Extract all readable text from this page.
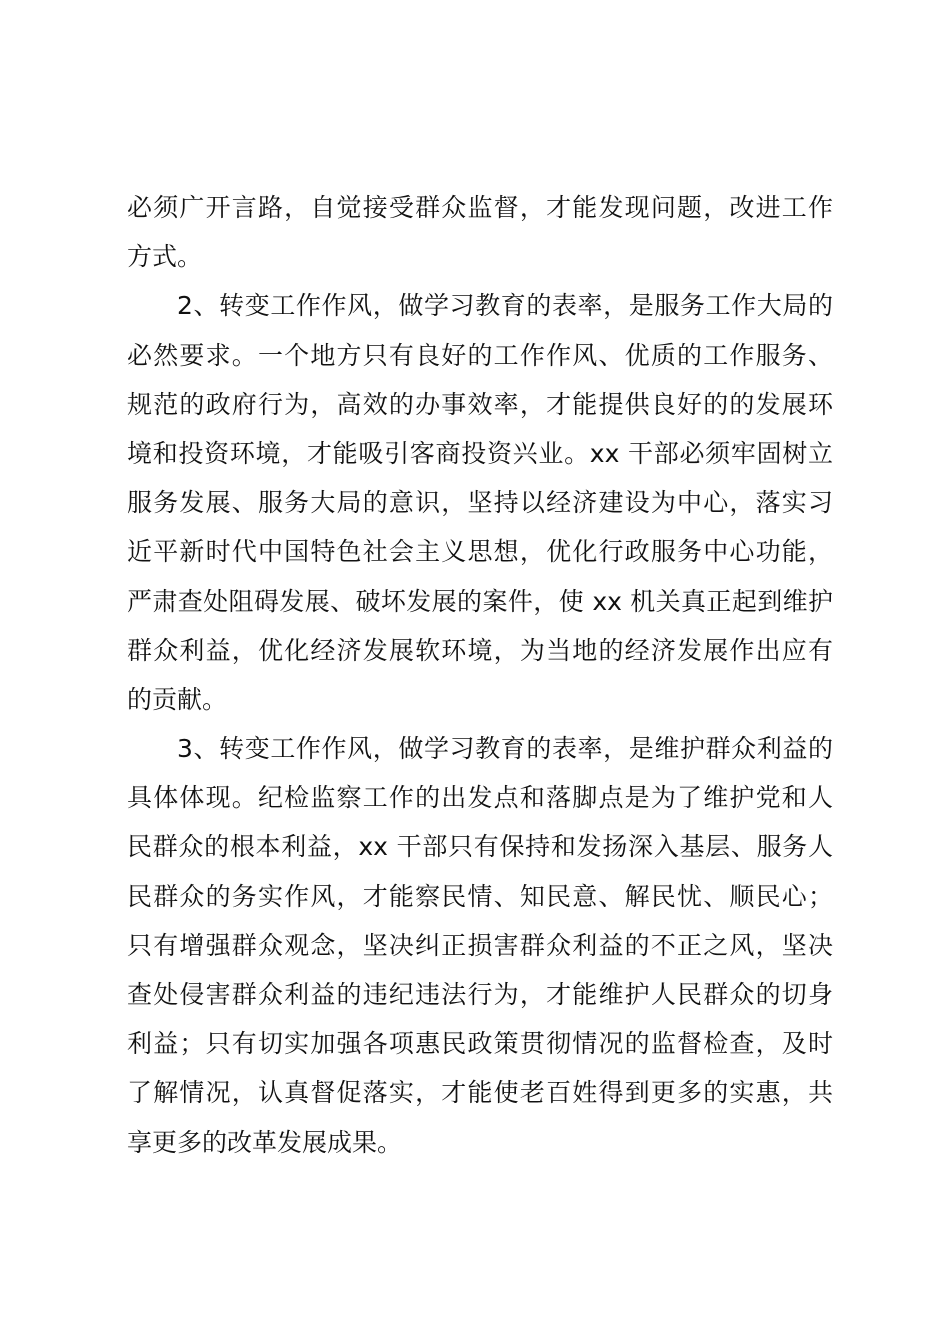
必须广开言路，自觉接受群众监督，才能发现问题，改进工作
方式。
2、转变工作作风，做学习教育的表率，是服务工作大局的
必然要求。一个地方只有良好的工作作风、优质的工作服务、
规范的政府行为，高效的办事效率，才能提供良好的的发展环
境和投资环境，才能吸引客商投资兴业。xx 干部必须牢固树立
服务发展、服务大局的意识，坚持以经济建设为中心，落实习
近平新时代中国特色社会主义思想，优化行政服务中心功能，
严肃查处阻碍发展、破坏发展的案件，使 xx 机关真正起到维护
群众利益，优化经济发展软环境，为当地的经济发展作出应有
的贡献。
3、转变工作作风，做学习教育的表率，是维护群众利益的
具体体现。纪检监察工作的出发点和落脚点是为了维护党和人
民群众的根本利益，xx 干部只有保持和发扬深入基层、服务人
民群众的务实作风，才能察民情、知民意、解民忧、顺民心；
只有增强群众观念，坚决纠正损害群众利益的不正之风，坚决
查处侵害群众利益的违纪违法行为，才能维护人民群众的切身
利益；只有切实加强各项惠民政策贯彻情况的监督检查，及时
了解情况，认真督促落实，才能使老百姓得到更多的实惠，共
享更多的改革发展成果。
